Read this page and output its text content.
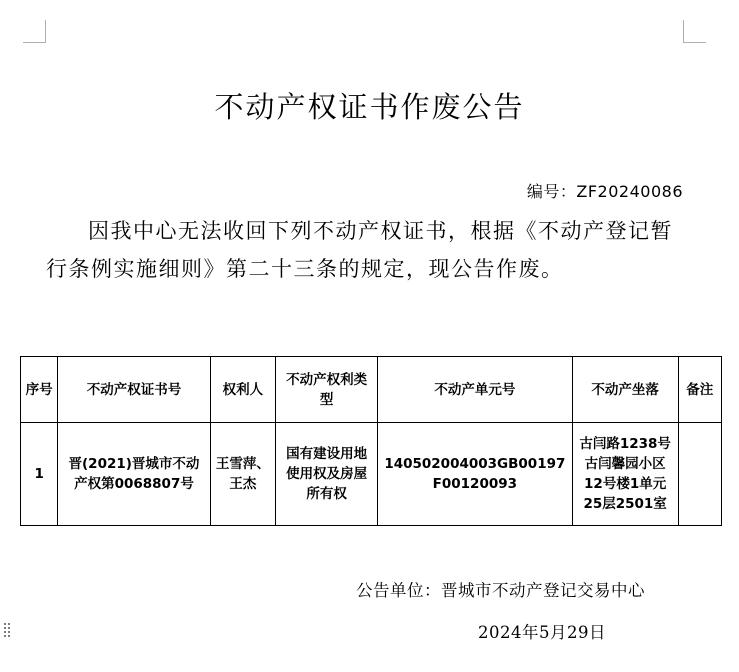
不动产权证书作废公告
编号：ZF20240086
因我中心无法收回下列不动产权证书，根据《不动产登记暂行条例实施细则》第二十三条的规定，现公告作废。
序号	不动产权证书号	权利人	不动产权利类型	不动产单元号	不动产坐落	备注
1	晋(2021)晋城市不动产权第0068807号	王雪萍、王杰	国有建设用地使用权及房屋所有权	140502004003GB00197F00120093	古闫路1238号古闫馨园小区12号楼1单元25层2501室	
公告单位：晋城市不动产登记交易中心
2024年5月29日
